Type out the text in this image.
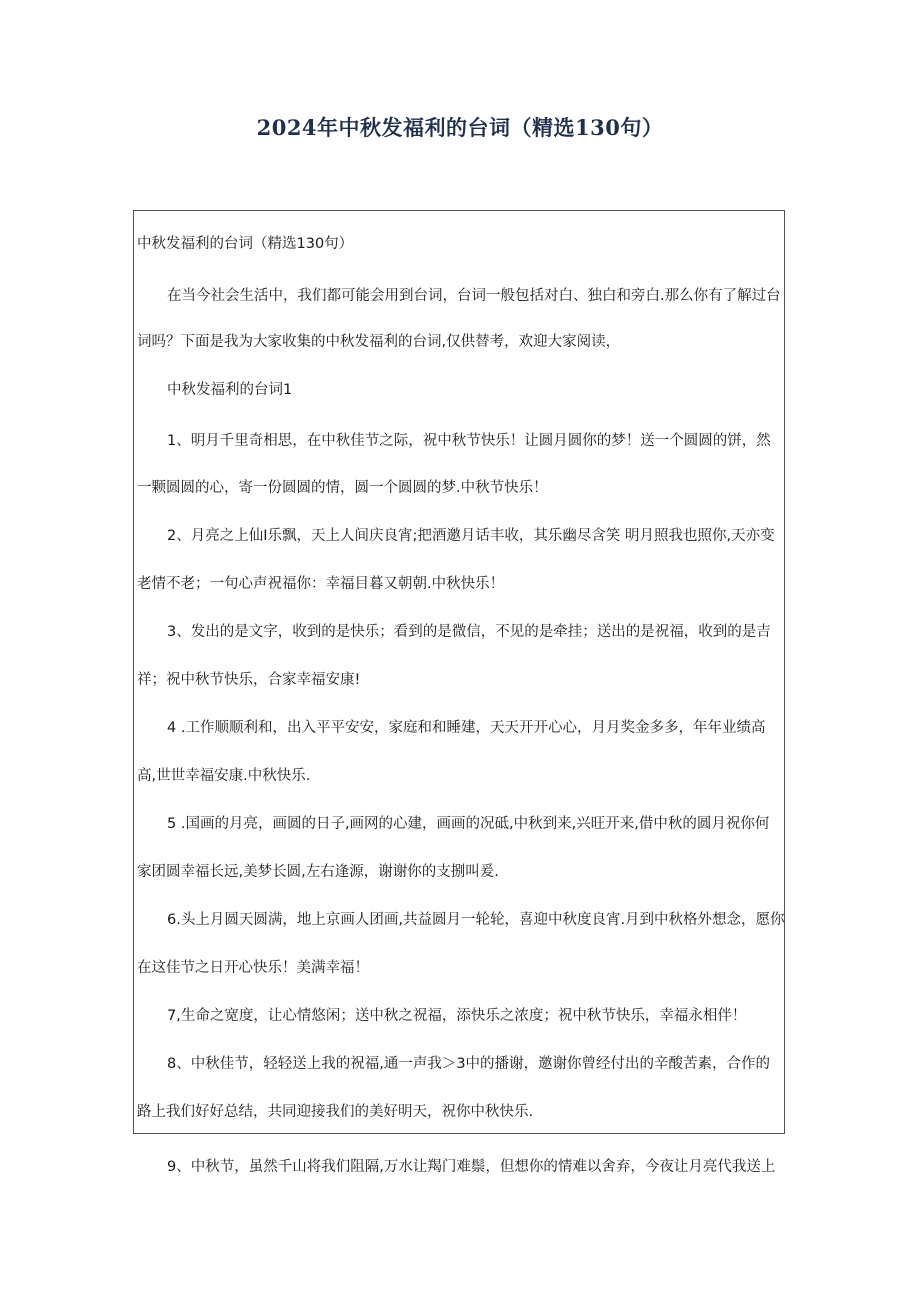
2024年中秋发福利的台词（精选130句）
中秋发福利的台词（精选130句）
在当今社会生活中，我们都可能会用到台词，台词一般包括对白、独白和旁白.那么你有了解过台
词吗？下面是我为大家收集的中秋发福利的台词,仅供替考，欢迎大家阅读，
中秋发福利的台词1
1、明月千里奇相思，在中秋佳节之际，祝中秋节快乐！让圆月圆你的梦！送一个圆圆的饼，然
一颗圆圆的心，寄一份圆圆的情，圆一个圆圆的梦.中秋节快乐！
2、月亮之上仙I乐飘，天上人间庆良宵;把酒邀月话丰收，其乐幽尽含笑 明月照我也照你,天亦变
老情不老；一句心声祝福你：幸福目暮又朝朝.中秋快乐！
3、发出的是文字，收到的是快乐；看到的是微信，不见的是牵挂；送出的是祝福，收到的是吉
祥；祝中秋节快乐，合家幸福安康!
4 .工作顺顺利和，出入平平安安，家庭和和睡建，天天开开心心，月月奖金多多，年年业绩高
高,世世幸福安康.中秋快乐.
5 .国画的月亮，画圆的日子,画网的心建，画画的况砥,中秋到来,兴旺开来,借中秋的圆月祝你何
家团圆幸福长远,美梦长圆,左右逢源，谢谢你的支捌叫爰.
6.头上月圆天圆满，地上京画人团画,共益圆月一轮轮，喜迎中秋度良宵.月到中秋格外想念，愿你
在这佳节之日开心快乐！美满幸福！
7,生命之宽度，让心情悠闲；送中秋之祝福，添快乐之浓度；祝中秋节快乐，幸福永相伴！
8、中秋佳节，轻轻送上我的祝福,通一声我＞3中的播谢，邀谢你曾经付出的辛酸苦素，合作的
路上我们好好总结，共同迎接我们的美好明天，祝你中秋快乐.
9、中秋节，虽然千山将我们阻隔,万水让羯门难鬃，但想你的情难以舍弃，今夜让月亮代我送上
